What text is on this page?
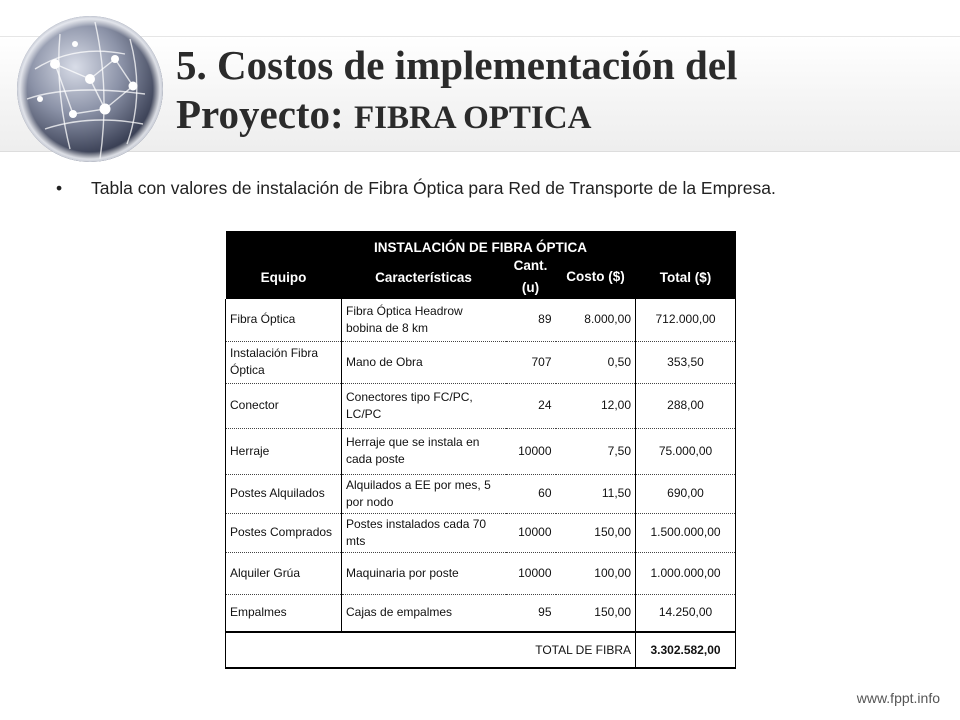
5. Costos de implementación del
Proyecto: FIBRA OPTICA
•	Tabla con valores de instalación de Fibra Óptica para Red de Transporte de la Empresa.
INSTALACIÓN DE FIBRA ÓPTICA				
Equipo	Características	Cant. (u)	Costo ($)	Total ($)
Fibra Óptica	Fibra Óptica Headrow bobina de 8 km	89	8.000,00	712.000,00
Instalación Fibra Óptica	Mano de Obra	707	0,50	353,50
Conector	Conectores tipo FC/PC, LC/PC	24	12,00	288,00
Herraje	Herraje que se instala en cada poste	10000	7,50	75.000,00
Postes Alquilados	Alquilados a EE por mes, 5 por nodo	60	11,50	690,00
Postes Comprados	Postes instalados cada 70 mts	10000	150,00	1.500.000,00
Alquiler Grúa	Maquinaria por poste	10000	100,00	1.000.000,00
Empalmes	Cajas de empalmes	95	150,00	14.250,00
TOTAL DE FIBRA				3.302.582,00
www.fppt.info
